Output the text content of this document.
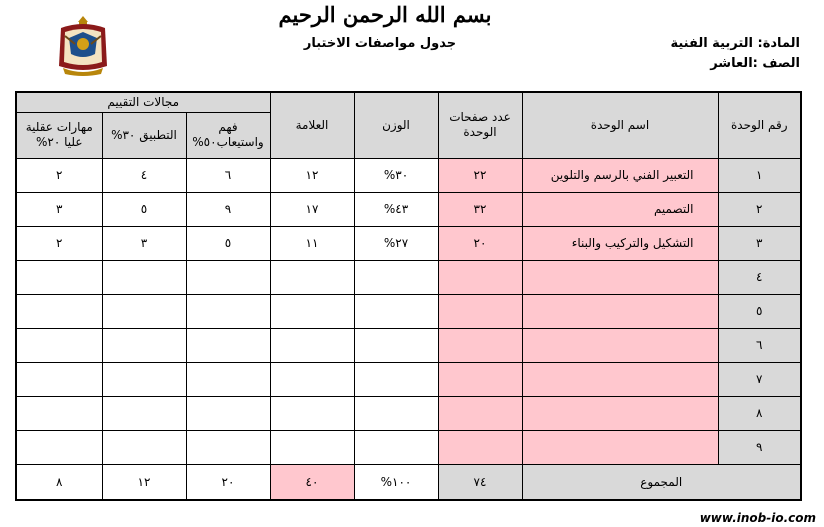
بسم الله الرحمن الرحيم
جدول مواصفات الاختبار	المادة: التربية الفنية
الصف :العاشر
رقم الوحدة	اسم الوحدة	عدد صفحات الوحدة	الوزن	العلامة	مجالات التقييم		
					فهم واستيعاب٥٠%	التطبيق ٣٠%	مهارات عقلية عليا ٢٠%
١	التعبير الفني بالرسم والتلوين	٢٢	٣٠%	١٢	٦	٤	٢
٢	التصميم	٣٢	٤٣%	١٧	٩	٥	٣
٣	التشكيل والتركيب والبناء	٢٠	٢٧%	١١	٥	٣	٢
٤							
٥							
٦							
٧							
٨							
٩							
المجموع		٧٤	١٠٠%	٤٠	٢٠	١٢	٨
www.inob-io.com
